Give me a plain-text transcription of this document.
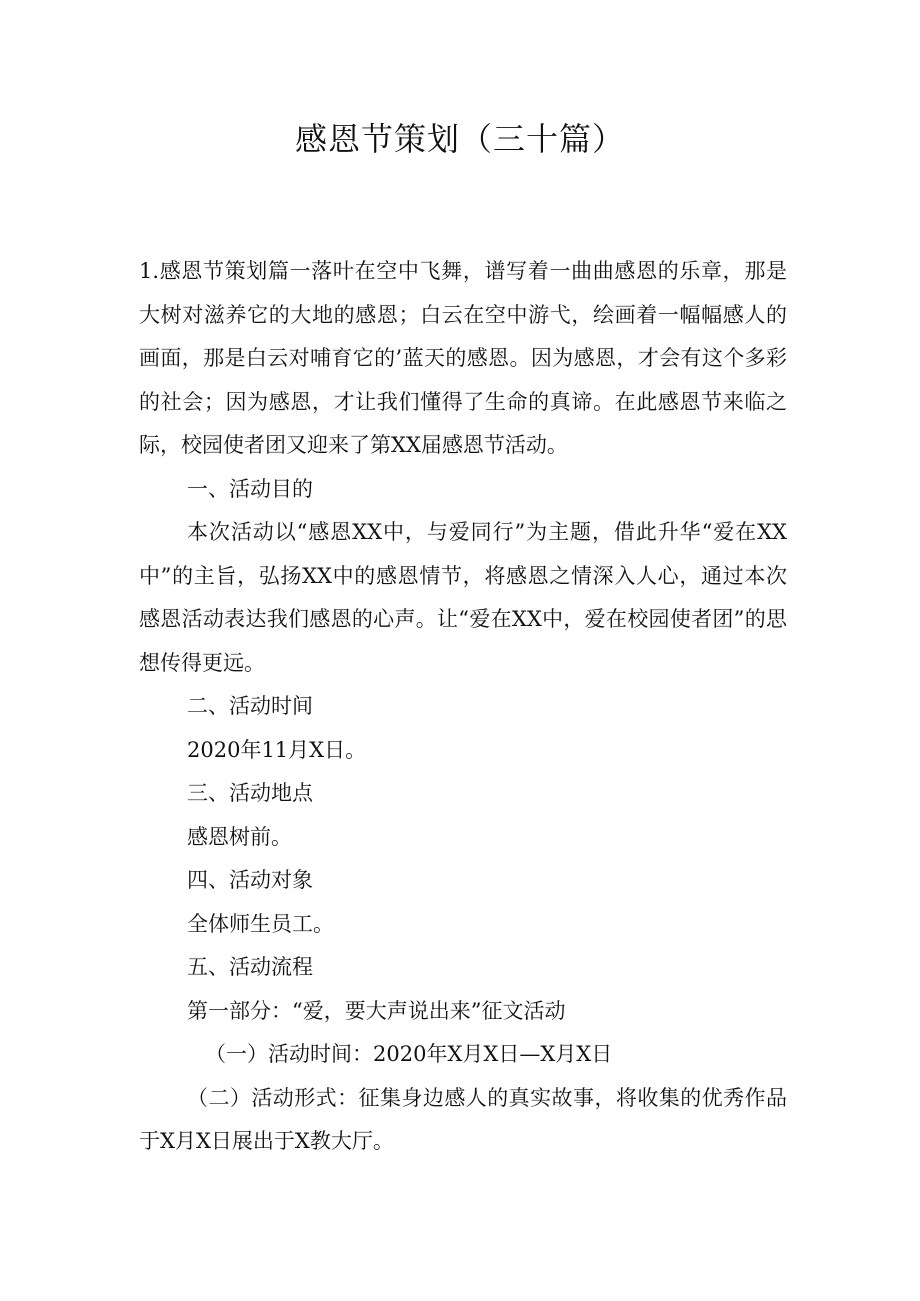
感恩节策划（三十篇）

1.感恩节策划篇一落叶在空中飞舞，谱写着一曲曲感恩的乐章，那是大树对滋养它的大地的感恩；白云在空中游弋，绘画着一幅幅感人的画面，那是白云对哺育它的’蓝天的感恩。因为感恩，才会有这个多彩的社会；因为感恩，才让我们懂得了生命的真谛。在此感恩节来临之际，校园使者团又迎来了第XX届感恩节活动。

一、活动目的

本次活动以“感恩XX中，与爱同行”为主题，借此升华“爱在XX中”的主旨，弘扬XX中的感恩情节，将感恩之情深入人心，通过本次感恩活动表达我们感恩的心声。让“爱在XX中，爱在校园使者团”的思想传得更远。

二、活动时间

2020年11月X日。

三、活动地点

感恩树前。

四、活动对象

全体师生员工。

五、活动流程

第一部分：“爱，要大声说出来”征文活动

（一）活动时间：2020年X月X日—X月X日

（二）活动形式：征集身边感人的真实故事，将收集的优秀作品于X月X日展出于X教大厅。
